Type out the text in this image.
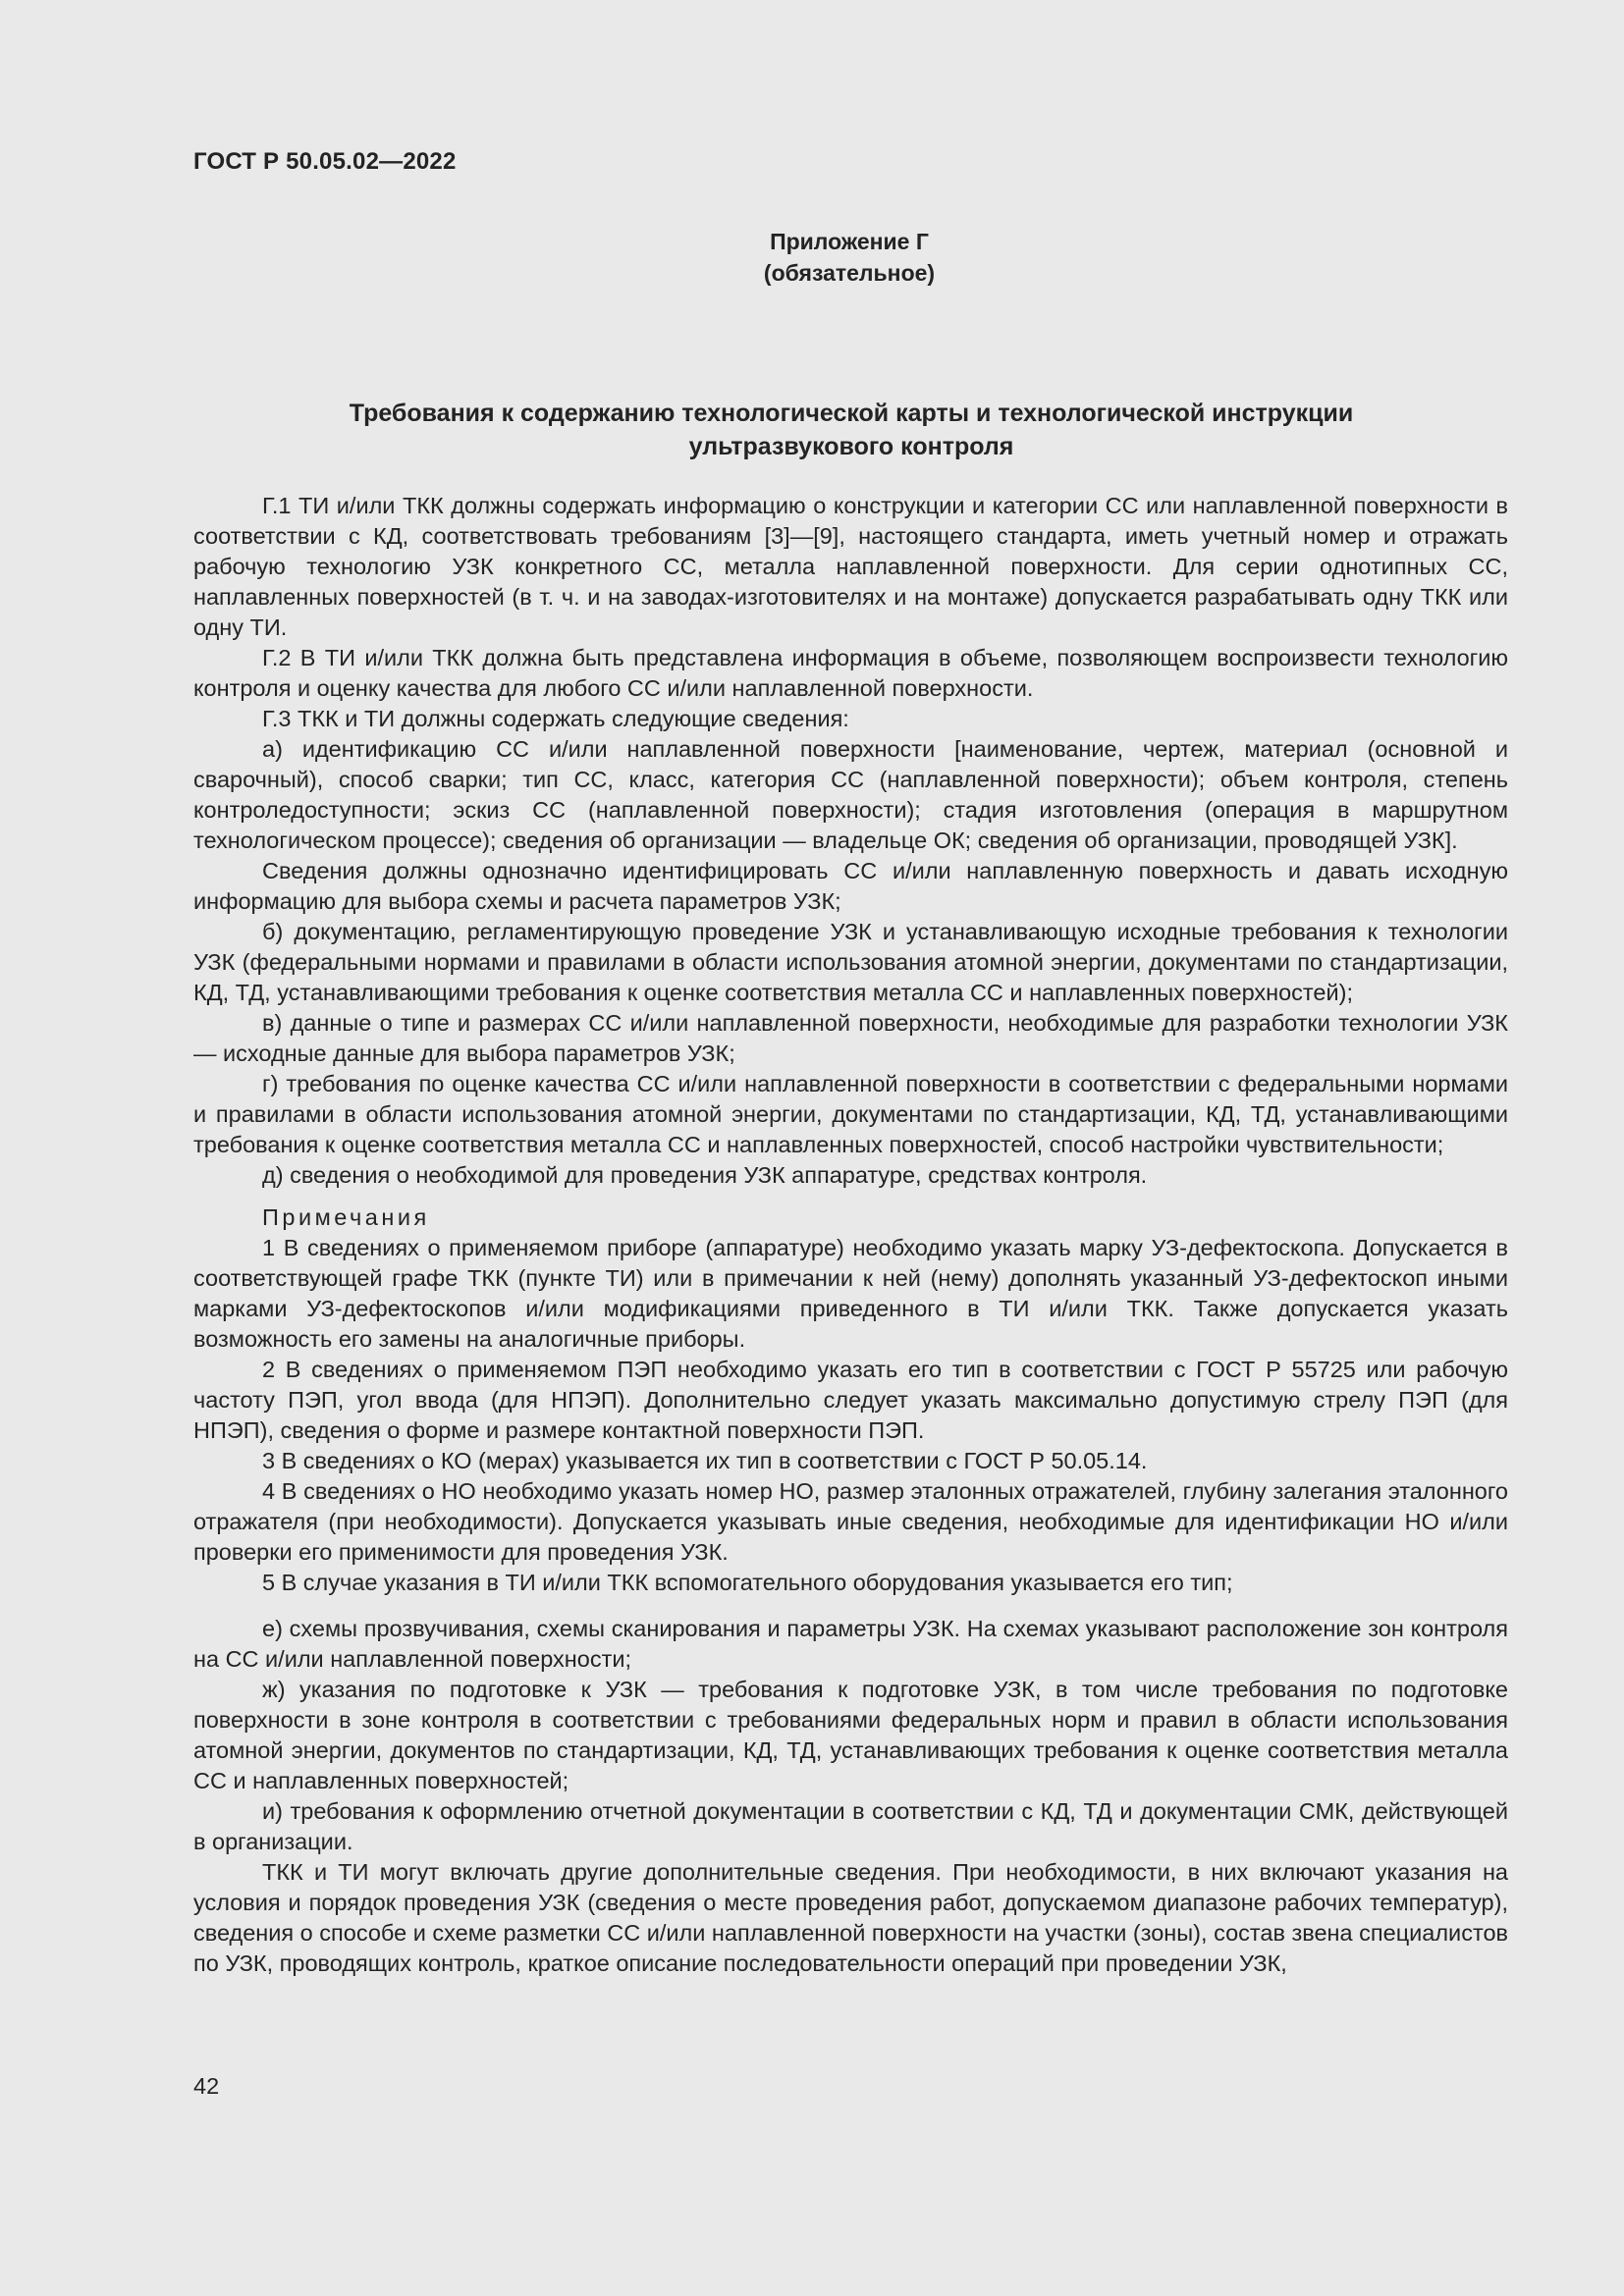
ГОСТ Р 50.05.02—2022
Приложение Г
(обязательное)
Требования к содержанию технологической карты и технологической инструкции
ультразвукового контроля

Г.1 ТИ и/или ТКК должны содержать информацию о конструкции и категории СС или наплавленной поверхности в соответствии с КД, соответствовать требованиям [3]—[9], настоящего стандарта, иметь учетный номер и отражать рабочую технологию УЗК конкретного СС, металла наплавленной поверхности. Для серии однотипных СС, наплавленных поверхностей (в т. ч. и на заводах-изготовителях и на монтаже) допускается разрабатывать одну ТКК или одну ТИ.

Г.2 В ТИ и/или ТКК должна быть представлена информация в объеме, позволяющем воспроизвести технологию контроля и оценку качества для любого СС и/или наплавленной поверхности.

Г.3 ТКК и ТИ должны содержать следующие сведения:

а) идентификацию СС и/или наплавленной поверхности [наименование, чертеж, материал (основной и сварочный), способ сварки; тип СС, класс, категория СС (наплавленной поверхности); объем контроля, степень контроледоступности; эскиз СС (наплавленной поверхности); стадия изготовления (операция в маршрутном технологическом процессе); сведения об организации — владельце ОК; сведения об организации, проводящей УЗК].

Сведения должны однозначно идентифицировать СС и/или наплавленную поверхность и давать исходную информацию для выбора схемы и расчета параметров УЗК;

б) документацию, регламентирующую проведение УЗК и устанавливающую исходные требования к технологии УЗК (федеральными нормами и правилами в области использования атомной энергии, документами по стандартизации, КД, ТД, устанавливающими требования к оценке соответствия металла СС и наплавленных поверхностей);

в) данные о типе и размерах СС и/или наплавленной поверхности, необходимые для разработки технологии УЗК — исходные данные для выбора параметров УЗК;

г) требования по оценке качества СС и/или наплавленной поверхности в соответствии с федеральными нормами и правилами в области использования атомной энергии, документами по стандартизации, КД, ТД, устанавливающими требования к оценке соответствия металла СС и наплавленных поверхностей, способ настройки чувствительности;

д) сведения о необходимой для проведения УЗК аппаратуре, средствах контроля.

Примечания

1 В сведениях о применяемом приборе (аппаратуре) необходимо указать марку УЗ-дефектоскопа. Допускается в соответствующей графе ТКК (пункте ТИ) или в примечании к ней (нему) дополнять указанный УЗ-дефектоскоп иными марками УЗ-дефектоскопов и/или модификациями приведенного в ТИ и/или ТКК. Также допускается указать возможность его замены на аналогичные приборы.

2 В сведениях о применяемом ПЭП необходимо указать его тип в соответствии с ГОСТ Р 55725 или рабочую частоту ПЭП, угол ввода (для НПЭП). Дополнительно следует указать максимально допустимую стрелу ПЭП (для НПЭП), сведения о форме и размере контактной поверхности ПЭП.

3 В сведениях о КО (мерах) указывается их тип в соответствии с ГОСТ Р 50.05.14.

4 В сведениях о НО необходимо указать номер НО, размер эталонных отражателей, глубину залегания эталонного отражателя (при необходимости). Допускается указывать иные сведения, необходимые для идентификации НО и/или проверки его применимости для проведения УЗК.

5 В случае указания в ТИ и/или ТКК вспомогательного оборудования указывается его тип;

е) схемы прозвучивания, схемы сканирования и параметры УЗК. На схемах указывают расположение зон контроля на СС и/или наплавленной поверхности;

ж) указания по подготовке к УЗК — требования к подготовке УЗК, в том числе требования по подготовке поверхности в зоне контроля в соответствии с требованиями федеральных норм и правил в области использования атомной энергии, документов по стандартизации, КД, ТД, устанавливающих требования к оценке соответствия металла СС и наплавленных поверхностей;

и) требования к оформлению отчетной документации в соответствии с КД, ТД и документации СМК, действующей в организации.

ТКК и ТИ могут включать другие дополнительные сведения. При необходимости, в них включают указания на условия и порядок проведения УЗК (сведения о месте проведения работ, допускаемом диапазоне рабочих температур), сведения о способе и схеме разметки СС и/или наплавленной поверхности на участки (зоны), состав звена специалистов по УЗК, проводящих контроль, краткое описание последовательности операций при проведении УЗК,

42
